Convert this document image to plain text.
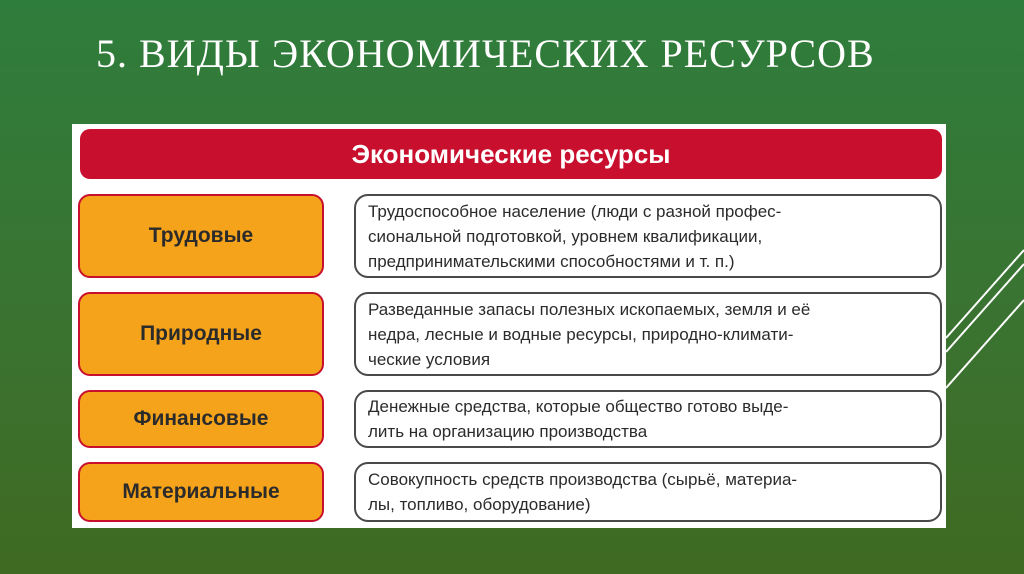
5. ВИДЫ ЭКОНОМИЧЕСКИХ РЕСУРСОВ
Экономические ресурсы
Трудовые
Трудоспособное население (люди с разной профес-
сиональной подготовкой, уровнем квалификации,
предпринимательскими способностями и т. п.)
Природные
Разведанные запасы полезных ископаемых, земля и её
недра, лесные и водные ресурсы, природно-климати-
ческие условия
Финансовые
Денежные средства, которые общество готово выде-
лить на организацию производства
Материальные
Совокупность средств производства (сырьё, материа-
лы, топливо, оборудование)
